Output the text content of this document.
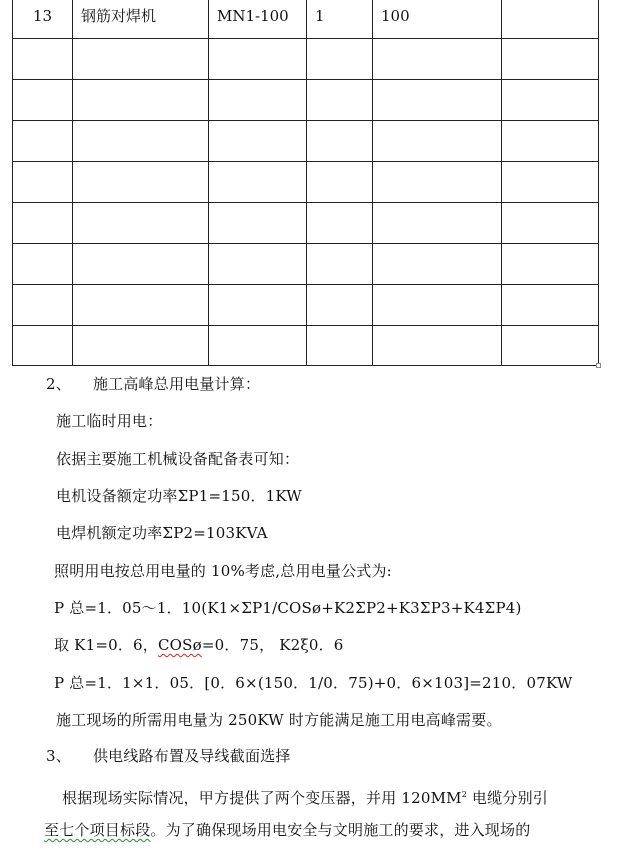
13	钢筋对焊机	MN1-100	1	100	

2、 施工高峰总用电量计算：
施工临时用电：
依据主要施工机械设备配备表可知：
电机设备额定功率ΣP1=150．1KW
电焊机额定功率ΣP2=103KVA
照明用电按总用电量的 10%考虑,总用电量公式为:
P 总=1．05～1．10(K1×ΣP1/COSø+K2ΣP2+K3ΣP3+K4ΣP4)
取 K1=0．6，COSø=0．75， K2ξ0．6
P 总=1．1×1．05．[0．6×(150．1/0．75)+0．6×103]=210．07KW
施工现场的所需用电量为 250KW 时方能满足施工用电高峰需要。
3、 供电线路布置及导线截面选择
根据现场实际情况，甲方提供了两个变压器，并用 $120MM^2$ 电缆分别引
至七个项目标段。为了确保现场用电安全与文明施工的要求，进入现场的
